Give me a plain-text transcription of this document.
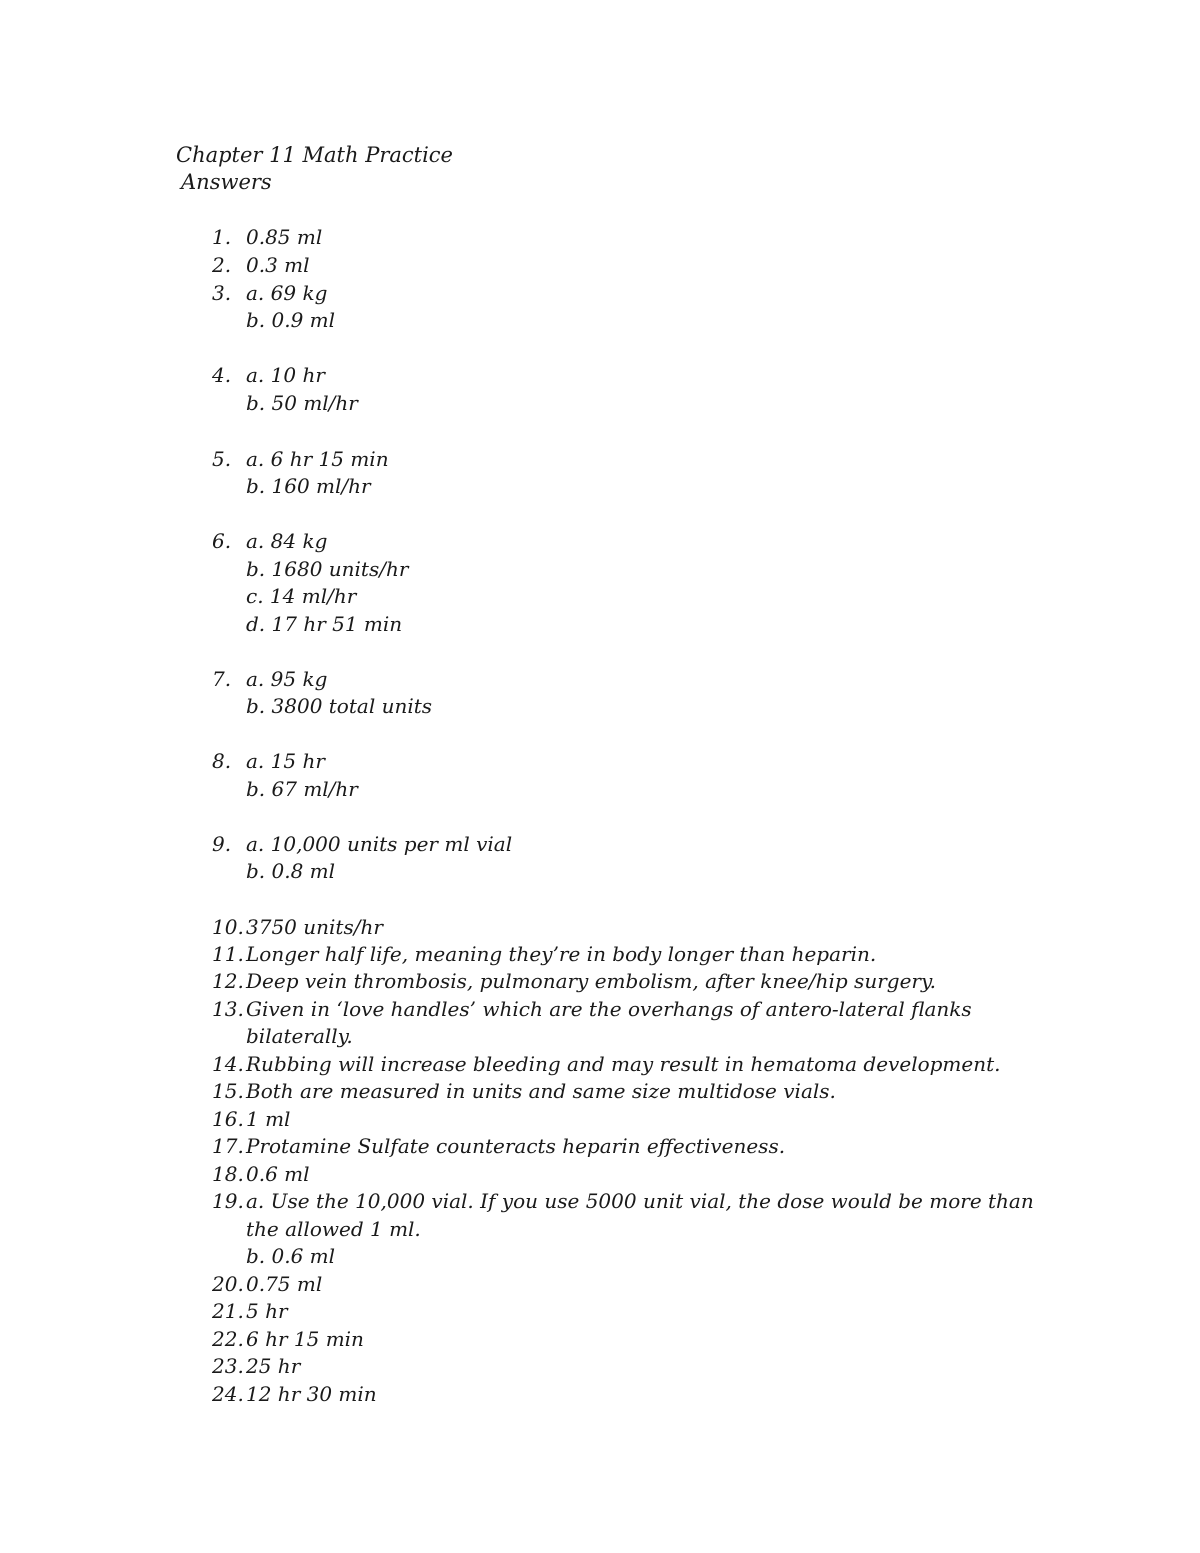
Chapter 11 Math Practice
Answers
1. 0.85 ml
2. 0.3 ml
3. a. 69 kg
b. 0.9 ml
4. a. 10 hr
b. 50 ml/hr
5. a. 6 hr 15 min
b. 160 ml/hr
6. a. 84 kg
b. 1680 units/hr
c. 14 ml/hr
d. 17 hr 51 min
7. a. 95 kg
b. 3800 total units
8. a. 15 hr
b. 67 ml/hr
9. a. 10,000 units per ml vial
b. 0.8 ml
10. 3750 units/hr
11. Longer half life, meaning they’re in body longer than heparin.
12. Deep vein thrombosis, pulmonary embolism, after knee/hip surgery.
13. Given in ‘love handles’ which are the overhangs of antero-lateral flanks
bilaterally.
14. Rubbing will increase bleeding and may result in hematoma development.
15. Both are measured in units and same size multidose vials.
16. 1 ml
17. Protamine Sulfate counteracts heparin effectiveness.
18. 0.6 ml
19. a. Use the 10,000 vial. If you use 5000 unit vial, the dose would be more than
the allowed 1 ml.
b. 0.6 ml
20. 0.75 ml
21. 5 hr
22. 6 hr 15 min
23. 25 hr
24. 12 hr 30 min
